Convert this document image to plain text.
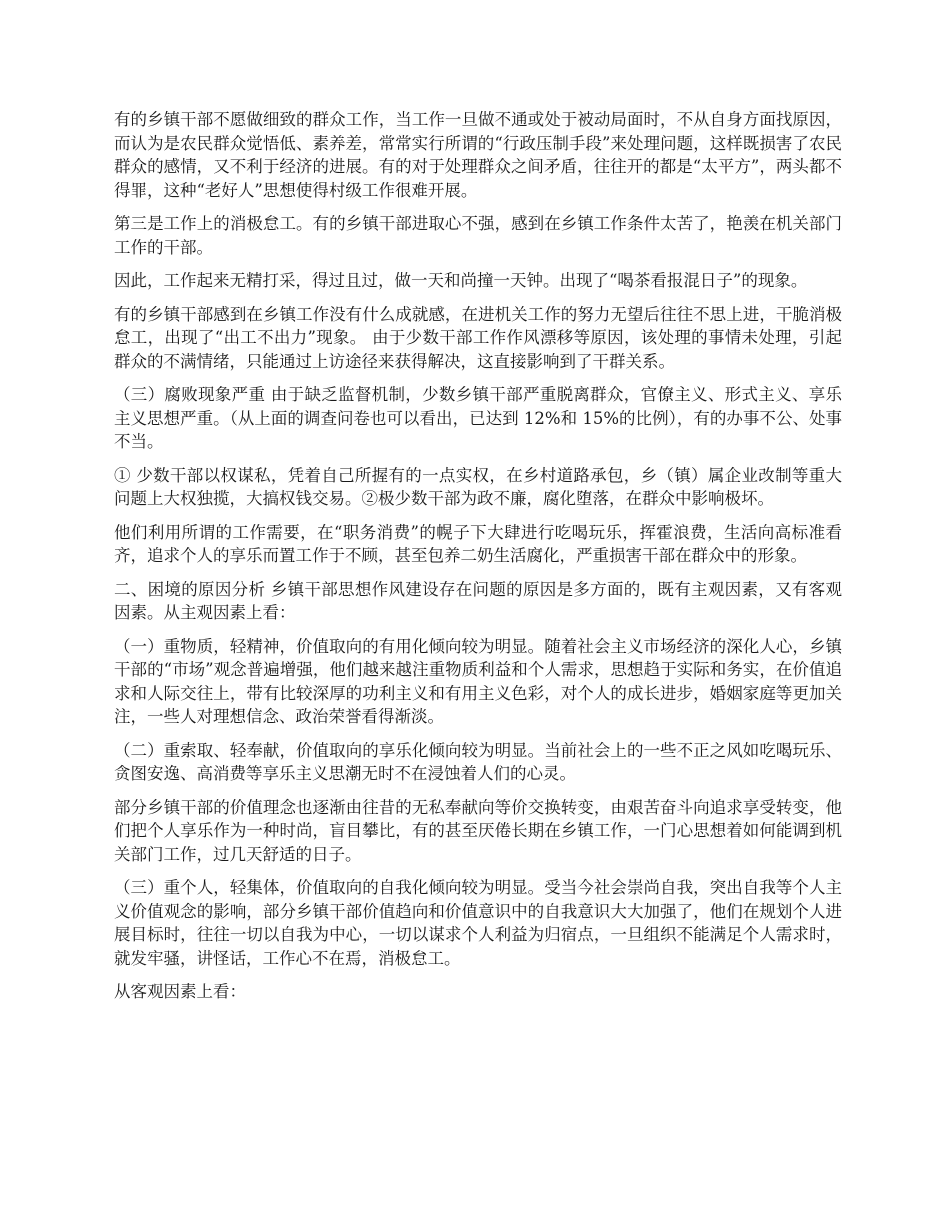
有的乡镇干部不愿做细致的群众工作，当工作一旦做不通或处于被动局面时，不从自身方面找原因，而认为是农民群众觉悟低、素养差，常常实行所谓的“行政压制手段”来处理问题，这样既损害了农民群众的感情，又不利于经济的进展。有的对于处理群众之间矛盾，往往开的都是“太平方”，两头都不得罪，这种“老好人”思想使得村级工作很难开展。

第三是工作上的消极怠工。有的乡镇干部进取心不强，感到在乡镇工作条件太苦了，艳羡在机关部门工作的干部。

因此，工作起来无精打采，得过且过，做一天和尚撞一天钟。出现了“喝茶看报混日子”的现象。

有的乡镇干部感到在乡镇工作没有什么成就感，在进机关工作的努力无望后往往不思上进，干脆消极怠工，出现了“出工不出力”现象。 由于少数干部工作作风漂移等原因，该处理的事情未处理，引起群众的不满情绪，只能通过上访途径来获得解决，这直接影响到了干群关系。

（三）腐败现象严重 由于缺乏监督机制，少数乡镇干部严重脱离群众，官僚主义、形式主义、享乐主义思想严重。（从上面的调查问卷也可以看出，已达到 12%和 15%的比例），有的办事不公、处事不当。

① 少数干部以权谋私，凭着自己所握有的一点实权，在乡村道路承包，乡（镇）属企业改制等重大问题上大权独揽，大搞权钱交易。②极少数干部为政不廉，腐化堕落，在群众中影响极坏。

他们利用所谓的工作需要，在“职务消费”的幌子下大肆进行吃喝玩乐，挥霍浪费，生活向高标准看齐，追求个人的享乐而置工作于不顾，甚至包养二奶生活腐化，严重损害干部在群众中的形象。

二、困境的原因分析 乡镇干部思想作风建设存在问题的原因是多方面的，既有主观因素，又有客观因素。从主观因素上看：

（一）重物质，轻精神，价值取向的有用化倾向较为明显。随着社会主义市场经济的深化人心，乡镇干部的“市场”观念普遍增强，他们越来越注重物质利益和个人需求，思想趋于实际和务实，在价值追求和人际交往上，带有比较深厚的功利主义和有用主义色彩，对个人的成长进步，婚姻家庭等更加关注，一些人对理想信念、政治荣誉看得渐淡。

（二）重索取、轻奉献，价值取向的享乐化倾向较为明显。当前社会上的一些不正之风如吃喝玩乐、贪图安逸、高消费等享乐主义思潮无时不在浸蚀着人们的心灵。

部分乡镇干部的价值理念也逐渐由往昔的无私奉献向等价交换转变，由艰苦奋斗向追求享受转变，他们把个人享乐作为一种时尚，盲目攀比，有的甚至厌倦长期在乡镇工作，一门心思想着如何能调到机关部门工作，过几天舒适的日子。

（三）重个人，轻集体，价值取向的自我化倾向较为明显。受当今社会崇尚自我，突出自我等个人主义价值观念的影响，部分乡镇干部价值趋向和价值意识中的自我意识大大加强了，他们在规划个人进展目标时，往往一切以自我为中心，一切以谋求个人利益为归宿点，一旦组织不能满足个人需求时，就发牢骚，讲怪话，工作心不在焉，消极怠工。

从客观因素上看：
